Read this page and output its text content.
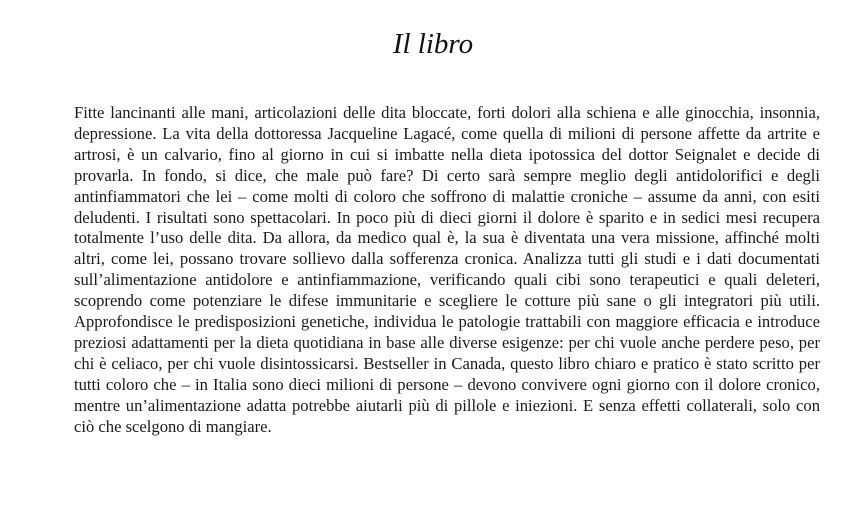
Il libro

Fitte lancinanti alle mani, articolazioni delle dita bloccate, forti dolori alla schiena e alle ginocchia, insonnia, depressione. La vita della dottoressa Jacqueline Lagacé, come quella di milioni di persone affette da artrite e artrosi, è un calvario, fino al giorno in cui si imbatte nella dieta ipotossica del dottor Seignalet e decide di provarla. In fondo, si dice, che male può fare? Di certo sarà sempre meglio degli antidolorifici e degli antinfiammatori che lei – come molti di coloro che soffrono di malattie croniche – assume da anni, con esiti deludenti. I risultati sono spettacolari. In poco più di dieci giorni il dolore è sparito e in sedici mesi recupera totalmente l’uso delle dita. Da allora, da medico qual è, la sua è diventata una vera missione, affinché molti altri, come lei, possano trovare sollievo dalla sofferenza cronica. Analizza tutti gli studi e i dati documentati sull’alimentazione antidolore e antinfiammazione, verificando quali cibi sono terapeutici e quali deleteri, scoprendo come potenziare le difese immunitarie e scegliere le cotture più sane o gli integratori più utili. Approfondisce le predisposizioni genetiche, individua le patologie trattabili con maggiore efficacia e introduce preziosi adattamenti per la dieta quotidiana in base alle diverse esigenze: per chi vuole anche perdere peso, per chi è celiaco, per chi vuole disintossicarsi. Bestseller in Canada, questo libro chiaro e pratico è stato scritto per tutti coloro che – in Italia sono dieci milioni di persone – devono convivere ogni giorno con il dolore cronico, mentre un’alimentazione adatta potrebbe aiutarli più di pillole e iniezioni. E senza effetti collaterali, solo con ciò che scelgono di mangiare.
